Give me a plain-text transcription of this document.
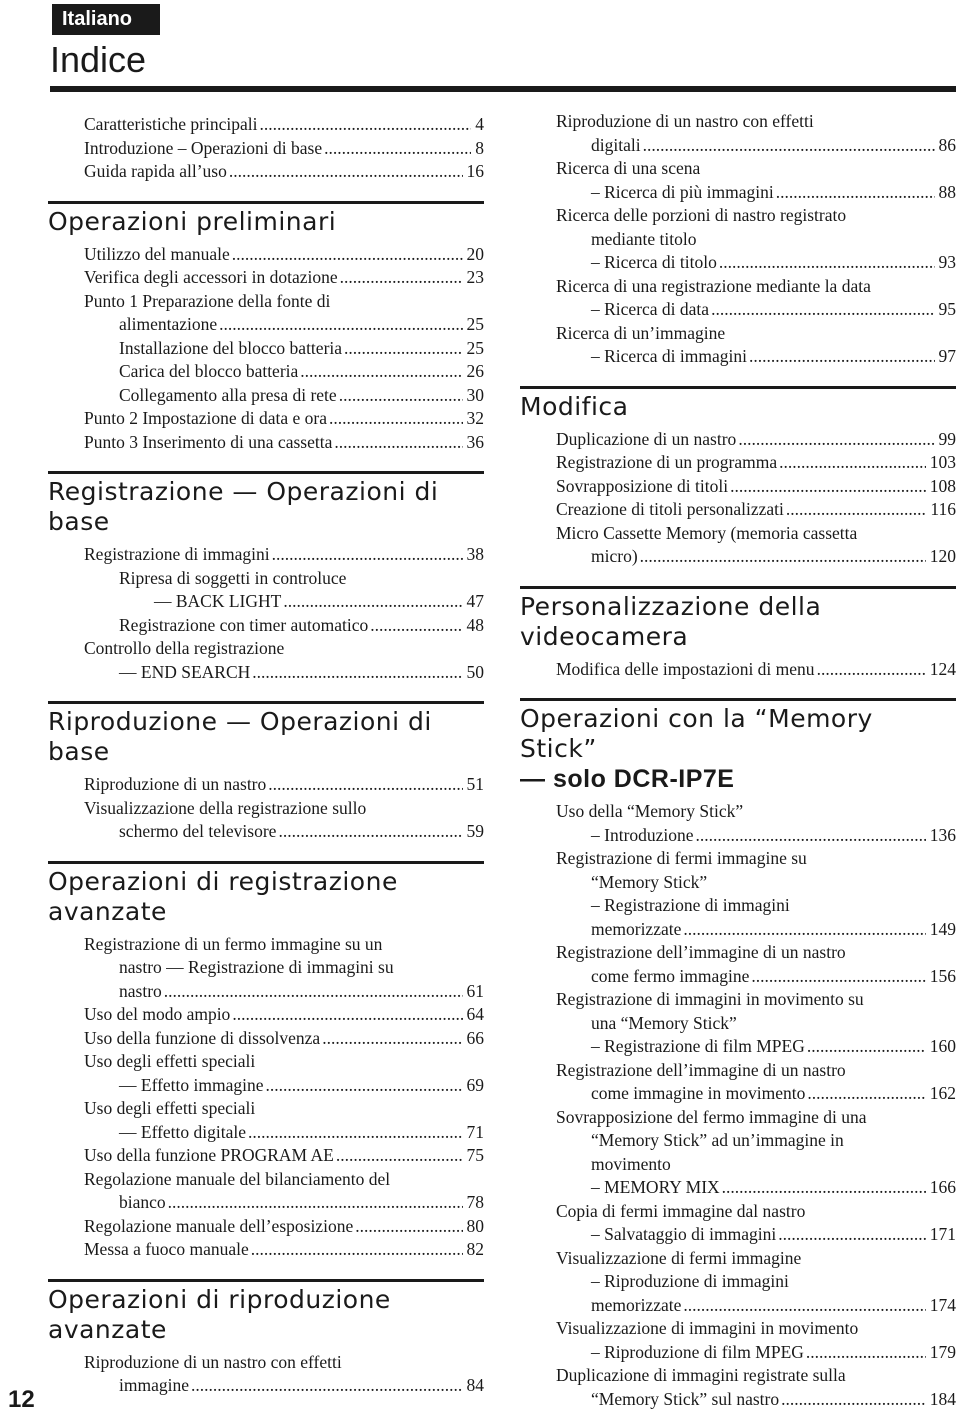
Italiano
Indice
Caratteristiche principali .....	4
Introduzione – Operazioni di base .....	8
Guida rapida all’uso .....	16
Operazioni preliminari
Utilizzo del manuale .....	20
Verifica degli accessori in dotazione .....	23
Punto 1 Preparazione della fonte di
alimentazione .....	25
Installazione del blocco batteria .....	25
Carica del blocco batteria .....	26
Collegamento alla presa di rete .....	30
Punto 2 Impostazione di data e ora .....	32
Punto 3 Inserimento di una cassetta .....	36
Registrazione — Operazioni di
base
Registrazione di immagini .....	38
Ripresa di soggetti in controluce
— BACK LIGHT .....	47
Registrazione con timer automatico .....	48
Controllo della registrazione
— END SEARCH .....	50
Riproduzione — Operazioni di
base
Riproduzione di un nastro .....	51
Visualizzazione della registrazione sullo
schermo del televisore .....	59
Operazioni di registrazione
avanzate
Registrazione di un fermo immagine su un
nastro — Registrazione di immagini su
nastro .....	61
Uso del modo ampio .....	64
Uso della funzione di dissolvenza .....	66
Uso degli effetti speciali
— Effetto immagine .....	69
Uso degli effetti speciali
— Effetto digitale .....	71
Uso della funzione PROGRAM AE .....	75
Regolazione manuale del bilanciamento del
bianco .....	78
Regolazione manuale dell’esposizione .....	80
Messa a fuoco manuale .....	82
Operazioni di riproduzione
avanzate
Riproduzione di un nastro con effetti
immagine .....	84
Riproduzione di un nastro con effetti
digitali .....	86
Ricerca di una scena
– Ricerca di più immagini .....	88
Ricerca delle porzioni di nastro registrato
mediante titolo
– Ricerca di titolo .....	93
Ricerca di una registrazione mediante la data
– Ricerca di data .....	95
Ricerca di un’immagine
– Ricerca di immagini .....	97
Modifica
Duplicazione di un nastro .....	99
Registrazione di un programma .....	103
Sovrapposizione di titoli .....	108
Creazione di titoli personalizzati .....	116
Micro Cassette Memory (memoria cassetta
micro) .....	120
Personalizzazione della
videocamera
Modifica delle impostazioni di menu .....	124
Operazioni con la “Memory
Stick”
— solo DCR-IP7E
Uso della “Memory Stick”
– Introduzione .....	136
Registrazione di fermi immagine su
“Memory Stick”
– Registrazione di immagini
memorizzate .....	149
Registrazione dell’immagine di un nastro
come fermo immagine .....	156
Registrazione di immagini in movimento su
una “Memory Stick”
– Registrazione di film MPEG .....	160
Registrazione dell’immagine di un nastro
come immagine in movimento .....	162
Sovrapposizione del fermo immagine di una
“Memory Stick” ad un’immagine in
movimento
– MEMORY MIX .....	166
Copia di fermi immagine dal nastro
– Salvataggio di immagini .....	171
Visualizzazione di fermi immagine
– Riproduzione di immagini
memorizzate .....	174
Visualizzazione di immagini in movimento
– Riproduzione di film MPEG .....	179
Duplicazione di immagini registrate sulla
“Memory Stick” sul nastro .....	184
12
